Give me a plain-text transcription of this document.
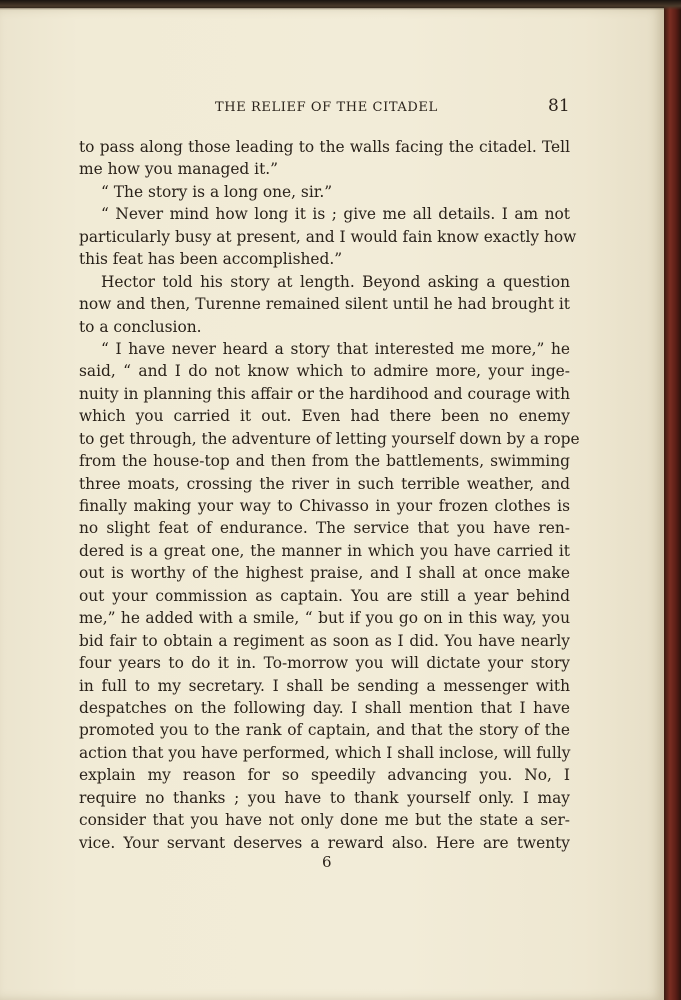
THE RELIEF OF THE CITADEL	81
to pass along those leading to the walls facing the citadel. Tell
me how you managed it.”
“ The story is a long one, sir.”
“ Never mind how long it is ; give me all details. I am not
particularly busy at present, and I would fain know exactly how
this feat has been accomplished.”
Hector told his story at length. Beyond asking a question
now and then, Turenne remained silent until he had brought it
to a conclusion.
“ I have never heard a story that interested me more,” he
said, “ and I do not know which to admire more, your inge-
nuity in planning this affair or the hardihood and courage with
which you carried it out. Even had there been no enemy
to get through, the adventure of letting yourself down by a rope
from the house-top and then from the battlements, swimming
three moats, crossing the river in such terrible weather, and
finally making your way to Chivasso in your frozen clothes is
no slight feat of endurance. The service that you have ren-
dered is a great one, the manner in which you have carried it
out is worthy of the highest praise, and I shall at once make
out your commission as captain. You are still a year behind
me,” he added with a smile, “ but if you go on in this way, you
bid fair to obtain a regiment as soon as I did. You have nearly
four years to do it in. To-morrow you will dictate your story
in full to my secretary. I shall be sending a messenger with
despatches on the following day. I shall mention that I have
promoted you to the rank of captain, and that the story of the
action that you have performed, which I shall inclose, will fully
explain my reason for so speedily advancing you. No, I
require no thanks ; you have to thank yourself only. I may
consider that you have not only done me but the state a ser-
vice. Your servant deserves a reward also. Here are twenty
6
